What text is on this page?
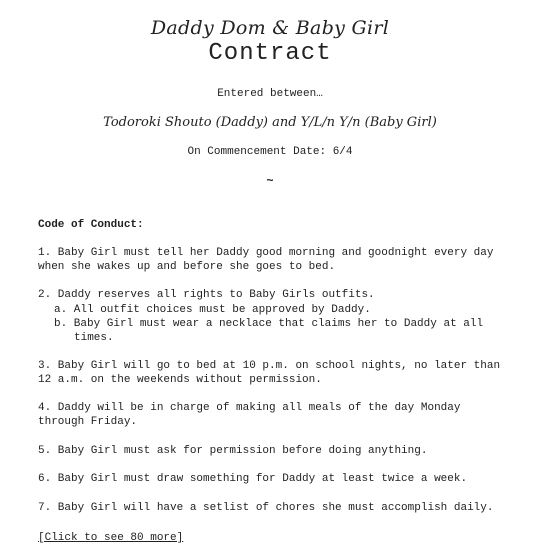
Daddy Dom & Baby Girl
Contract
Entered between…
Todoroki Shouto (Daddy) and Y/L/n Y/n (Baby Girl)
On Commencement Date: 6/4
~
Code of Conduct:
1. Baby Girl must tell her Daddy good morning and goodnight every day when she wakes up and before she goes to bed.
2. Daddy reserves all rights to Baby Girls outfits.
a. All outfit choices must be approved by Daddy.
b. Baby Girl must wear a necklace that claims her to Daddy at all times.
3. Baby Girl will go to bed at 10 p.m. on school nights, no later than 12 a.m. on the weekends without permission.
4. Daddy will be in charge of making all meals of the day Monday through Friday.
5. Baby Girl must ask for permission before doing anything.
6. Baby Girl must draw something for Daddy at least twice a week.
7. Baby Girl will have a setlist of chores she must accomplish daily.
[Click to see 80 more]
